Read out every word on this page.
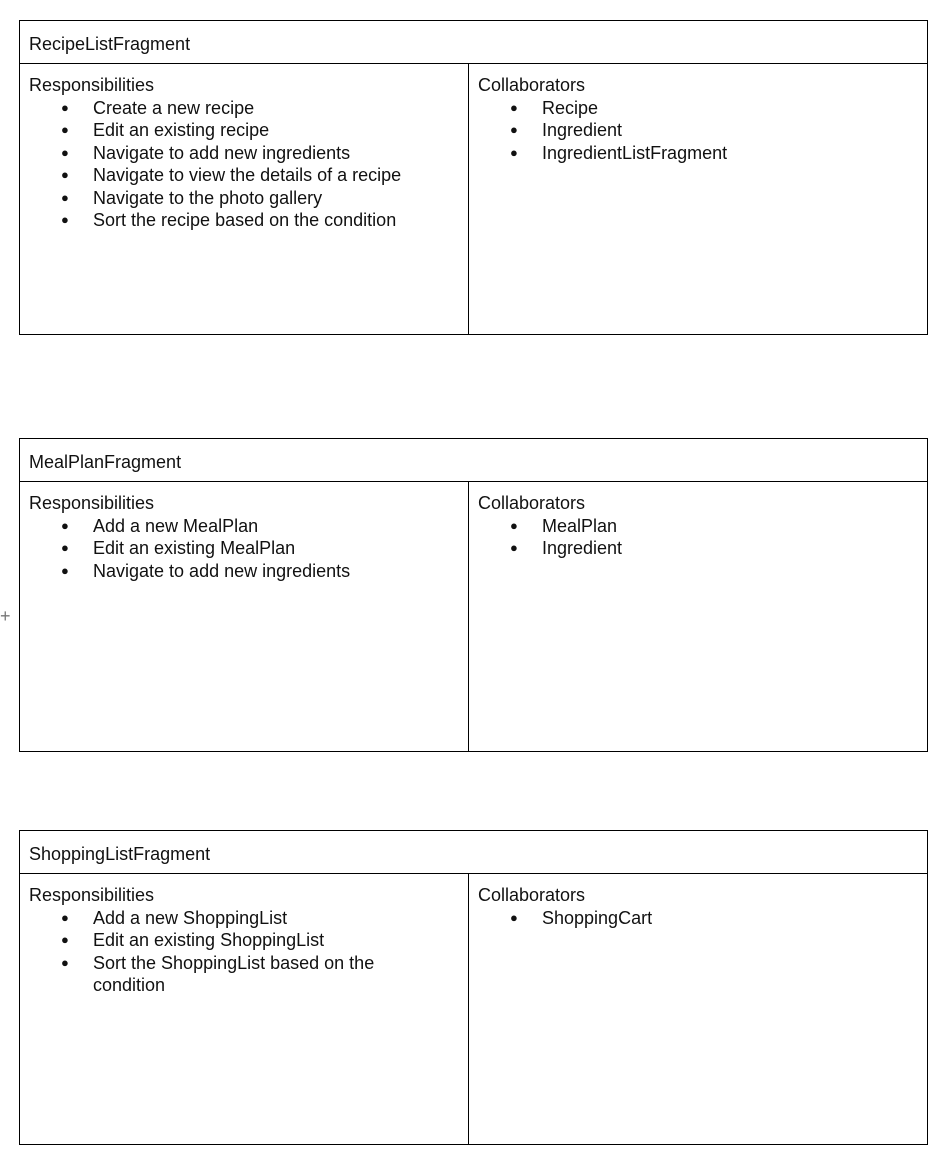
RecipeListFragment
Responsibilities
● Create a new recipe
● Edit an existing recipe
● Navigate to add new ingredients
● Navigate to view the details of a recipe
● Navigate to the photo gallery
● Sort the recipe based on the condition
Collaborators
● Recipe
● Ingredient
● IngredientListFragment
+
MealPlanFragment
Responsibilities
● Add a new MealPlan
● Edit an existing MealPlan
● Navigate to add new ingredients
Collaborators
● MealPlan
● Ingredient
ShoppingListFragment
Responsibilities
● Add a new ShoppingList
● Edit an existing ShoppingList
● Sort the ShoppingList based on the condition
Collaborators
● ShoppingCart
